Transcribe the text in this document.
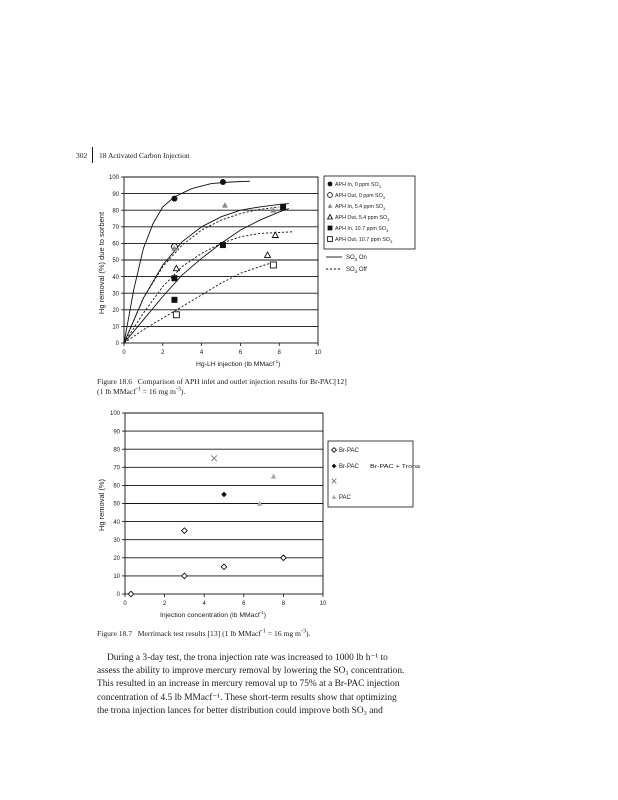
302 18 Activated Carbon Injection
0
10
20
30
40
50
60
70
80
90
100
0	2	4	6	8	10
APH In, 0 ppm $SO_3$
APH Out, 0 ppm $SO_3$
APH In, 5.4 ppm $SO_3$
APH Out, 5.4 ppm $SO_3$
APH In, 10.7 ppm $SO_3$
APH Out, 10.7 ppm $SO_3$
$SO_3$ On
$SO_3$ Off
Hg removal (%) due to sorbent
Hg-LH injection (lb MMacf$^{-1}$)
0
10
20
30
40
50
60
70
80
90
100
0	2	4	6	8	10
Br-PAC
Br-PAC Br-PAC + Trona
PAC
Hg removal (%)
Injection concentration (lb MMacf$^{-1}$)
Figure 18.6 Comparison of APH inlet and outlet injection results for Br-PAC[12]
(1 lb MMacf$^{-1}$ = 16 mg $m^{-3}$).
Figure 18.7 Merrimack test results [13] (1 lb MMacf$^{-1}$ = 16 mg $m^{-3}$).

During a 3-day test, the trona injection rate was increased to 1000 lb h⁻¹ to

assess the ability to improve mercury removal by lowering the SO₃ concentration.
This resulted in an increase in mercury removal up to 75% at a Br-PAC injection
concentration of 4.5 lb MMacf⁻¹. These short-term results show that optimizing
the trona injection lances for better distribution could improve both SO₃ and
